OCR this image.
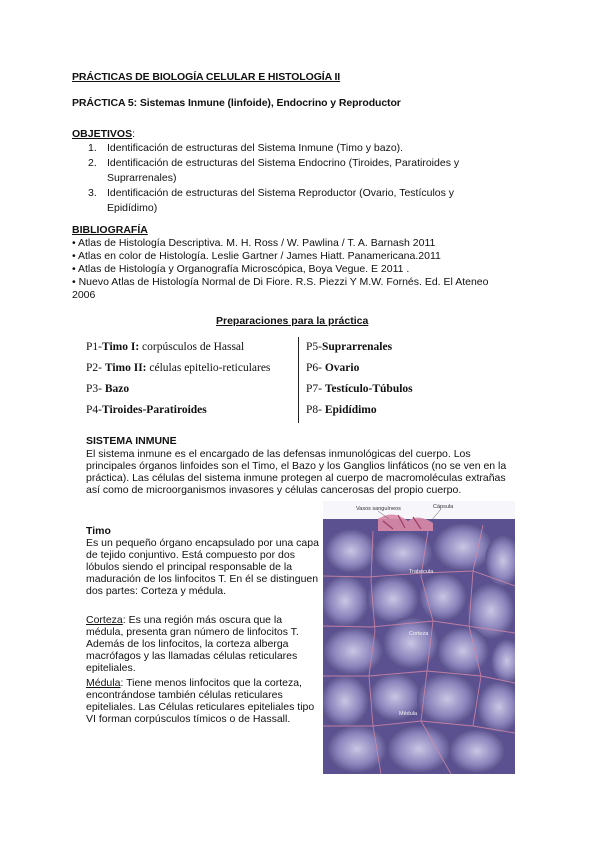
PRÁCTICAS DE BIOLOGÍA CELULAR E HISTOLOGÍA II
PRÁCTICA 5: Sistemas Inmune (linfoide), Endocrino y Reproductor
OBJETIVOS:
1. Identificación de estructuras del Sistema Inmune (Timo y bazo).
2. Identificación de estructuras del Sistema Endocrino (Tiroides, Paratiroides y Suprarrenales)
3. Identificación de estructuras del Sistema Reproductor (Ovario, Testículos y Epidídimo)
BIBLIOGRAFÍA
• Atlas de Histología Descriptiva. M. H. Ross / W. Pawlina / T. A. Barnash 2011
• Atlas en color de Histología. Leslie Gartner / James Hiatt. Panamericana.2011
• Atlas de Histología y Organografía Microscópica, Boya Vegue. E 2011 .
• Nuevo Atlas de Histología Normal de Di Fiore. R.S. Piezzi Y M.W. Fornés. Ed. El Ateneo 2006
Preparaciones para la práctica
P1-Timo I: corpúsculos de Hassal
P2- Timo II: células epitelio-reticulares
P3- Bazo
P4-Tiroides-Paratiroides
P5-Suprarrenales
P6- Ovario
P7- Testículo-Túbulos
P8- Epidídimo
SISTEMA INMUNE
El sistema inmune es el encargado de las defensas inmunológicas del cuerpo. Los principales órganos linfoides son el Timo, el Bazo y los Ganglios linfáticos (no se ven en la práctica). Las células del sistema inmune protegen al cuerpo de macromoléculas extrañas así como de microorganismos invasores y células cancerosas del propio cuerpo.
Timo
Es un pequeño órgano encapsulado por una capa de tejido conjuntivo. Está compuesto por dos lóbulos siendo el principal responsable de la maduración de los linfocitos T. En él se distinguen dos partes: Corteza y médula.
Corteza: Es una región más oscura que la médula, presenta gran número de linfocitos T. Además de los linfocitos, la corteza alberga macrófagos y las llamadas células reticulares epiteliales.
Médula: Tiene menos linfocitos que la corteza, encontrándose también células reticulares epiteliales. Las Células reticulares epiteliales tipo VI forman corpúsculos tímicos o de Hassall.
Vasos sanguíneos	Cápsula
Trabécula
Corteza
Médula
